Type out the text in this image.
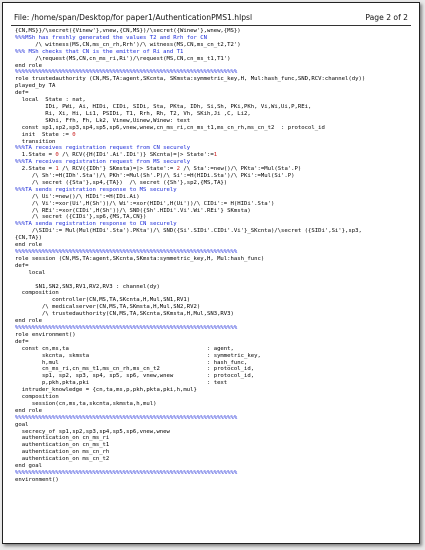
File: /home/span/Desktop/for paper1/AuthenticationPMS1.hlpsl	Page 2 of 2
{CN,MS}}/\secret({Vinew'},vnew,{CN,MS})/\secret({Winew'},wnew,{MS})
%%%MSh has freshly generated the values T2 and Rrh for CN
/\ witness(MS,CN,ms_cn_rh,Rrh')/\ witness(MS,CN,ms_cn_t2,T2')
%%% MSh checks that CN is the emitter of Ri and T1
/\request(MS,CN,cn_ms_ri,Ri')/\request(MS,CN,cn_ms_t1,T1')
end role
%%%%%%%%%%%%%%%%%%%%%%%%%%%%%%%%%%%%%%%%%%%%%%%%%%%%%%%%%%%%%%%%%%
role trustedauthority (CN,MS,TA:agent,SKcnta, SKmsta:symmetric_key,H, Mul:hash_func,SND,RCV:channel(dy))
played_by TA
def=
local  State : nat,
IDi, PWi, Ai, HIDi, CIDi, SIDi, Sta, PKta, IDh, Si,Sh, PKi,PKh, Vi,Wi,Ui,P,REi,
Ri, Xi, Hi, Li1, PSIDi, T1, Rrh, Rh, T2, Vh, SKih,Ji ,C, Li2,
SKhi, Ffh, Fh, Lk2, Vinew,Uinew,Winew: text
const sp1,sp2,sp3,sp4,sp5,sp6,vnew,wnew,cn_ms_ri,cn_ms_t1,ms_cn_rh,ms_cn_t2  : protocol_id
init  State := 0
transition
%%%TA receives registration request from CN securely
1.State = 0 /\ RCV({H(IDi'.Ai'.IDi')} SKcnta)=|> State':=1
%%%TA receives registration request from MS securely
2.State = 1 /\ RCV({IDh'} SKmsta)=|> State':= 2 /\ Sta':=new()/\ PKta':=Mul(Sta'.P)
/\ Sh':=H(IDh'.Sta')/\ PKh':=Mul(Sh'.P)/\ Si':=H(HIDi.Sta')/\ PKi':=Mul(Si'.P)
/\ secret ({Sta'},sp4,{TA})  /\ secret ({Sh'},sp2,{MS,TA})
%%%TA sends registration response to MS securely
/\ Ui':=new()/\ HIDi':=H(IDi.Ai)
/\ Vi':=xor(Ui',H(Sh'))/\ Wi':=xor(HIDi',H(Ui'))/\ CIDi':= H(HIDi'.Sta')
/\ REi':=xor(CIDi',H(Sh'))/\ SND({Sh'.HIDi'.Vi'.Wi'.REi'} SKmsta)
/\ secret ({CIDi'},sp6,{MS,TA,CN})
%%%TA senda registration response to CN securely
/\SIDi':= Mul(Mul(HIDi'.Sta').PKta')/\ SND({Si'.SIDi'.CIDi'.Vi'}_SKcnta)/\secret ({SIDi',Si'},sp3,
{CN,TA})
end role
%%%%%%%%%%%%%%%%%%%%%%%%%%%%%%%%%%%%%%%%%%%%%%%%%%%%%%%%%%%%%%%%%%
role session (CN,MS,TA:agent,SKcnta,SKmsta:symmetric_key,H, Mul:hash_func)
def=
local
SN1,SN2,SN3,RV1,RV2,RV3 : channel(dy)
composition
controller(CN,MS,TA,SKcnta,H,Mul,SN1,RV1)
/\ medicalserver(CN,MS,TA,SKmsta,H,Mul,SN2,RV2)
/\ trustedauthority(CN,MS,TA,SKcnta,SKmsta,H,Mul,SN3,RV3)
end role
%%%%%%%%%%%%%%%%%%%%%%%%%%%%%%%%%%%%%%%%%%%%%%%%%%%%%%%%%%%%%%%%%%
role environment()
def=
const cn,ms,ta                                         : agent,
skcnta, skmsta                                   : symmetric_key,
h,mul                                            : hash_func,
cn_ms_ri,cn_ms_t1,ms_cn_rh,ms_cn_t2              : protocol_id,
sp1, sp2, sp3, sp4, sp5, sp6, vnew,wnew          : protocol_id,
p,pkh,pkta,pki                                   : text
intruder_knowledge = {cn,ta,ms,p,pkh,pkta,pki,h,mul}
composition
session(cn,ms,ta,skcnta,skmsta,h,mul)
end role
%%%%%%%%%%%%%%%%%%%%%%%%%%%%%%%%%%%%%%%%%%%%%%%%%%%%%%%%%%%%%%%%%%
goal
secrecy_of sp1,sp2,sp3,sp4,sp5,sp6,vnew,wnew
authentication_on cn_ms_ri
authentication_on cn_ms_t1
authentication_on ms_cn_rh
authentication_on ms_cn_t2
end goal
%%%%%%%%%%%%%%%%%%%%%%%%%%%%%%%%%%%%%%%%%%%%%%%%%%%%%%%%%%%%%%%%%%
environment()
